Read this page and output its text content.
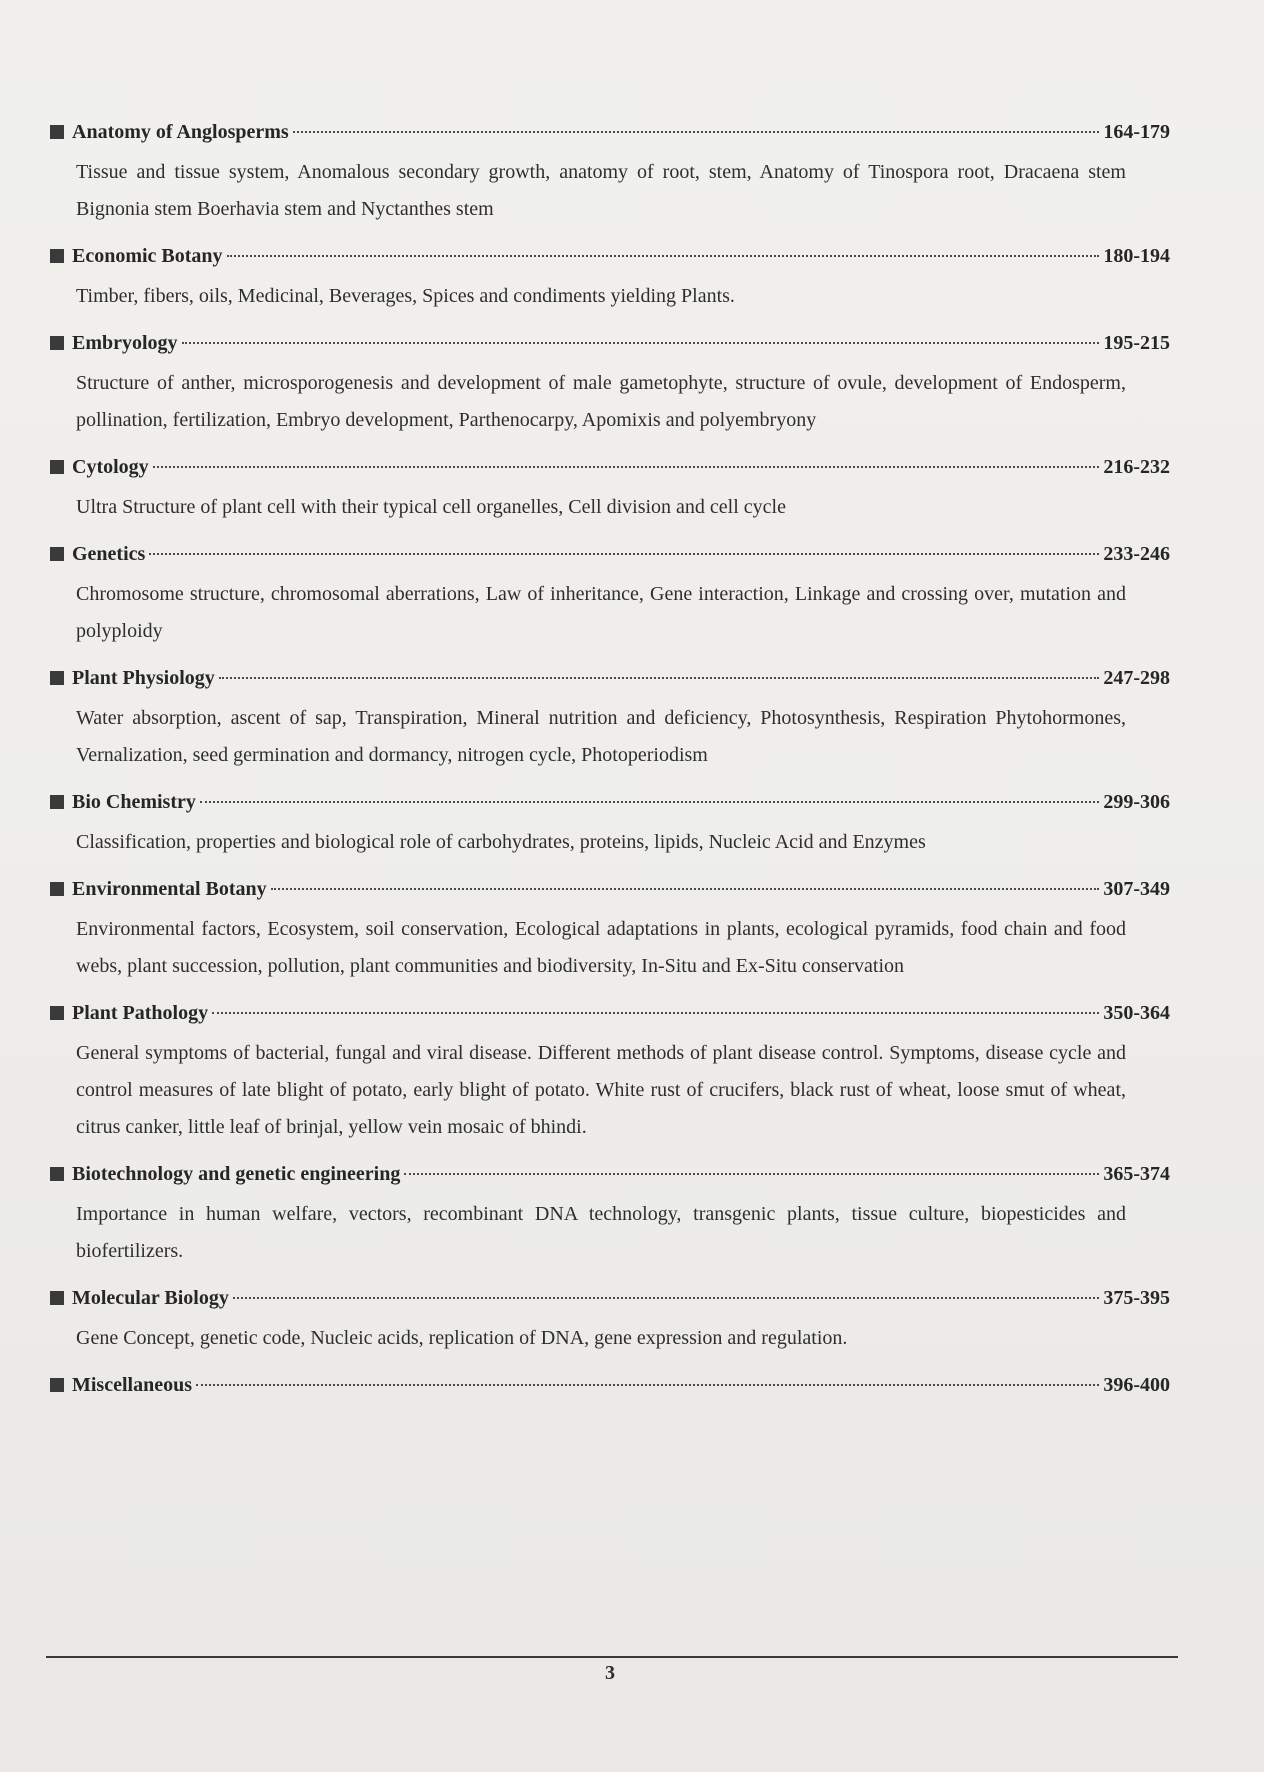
Anatomy of Anglosperms	164-179
Tissue and tissue system, Anomalous secondary growth, anatomy of root, stem, Anatomy of Tinospora root, Dracaena stem Bignonia stem Boerhavia stem and Nyctanthes stem
Economic Botany	180-194
Timber, fibers, oils, Medicinal, Beverages, Spices and condiments yielding Plants.
Embryology	195-215
Structure of anther, microsporogenesis and development of male gametophyte, structure of ovule, development of Endosperm, pollination, fertilization, Embryo development, Parthenocarpy, Apomixis and polyembryony
Cytology	216-232
Ultra Structure of plant cell with their typical cell organelles, Cell division and cell cycle
Genetics	233-246
Chromosome structure, chromosomal aberrations, Law of inheritance, Gene interaction, Linkage and crossing over, mutation and polyploidy
Plant Physiology	247-298
Water absorption, ascent of sap, Transpiration, Mineral nutrition and deficiency, Photosynthesis, Respiration Phytohormones, Vernalization, seed germination and dormancy, nitrogen cycle, Photoperiodism
Bio Chemistry	299-306
Classification, properties and biological role of carbohydrates, proteins, lipids, Nucleic Acid and Enzymes
Environmental Botany	307-349
Environmental factors, Ecosystem, soil conservation, Ecological adaptations in plants, ecological pyramids, food chain and food webs, plant succession, pollution, plant communities and biodiversity, In-Situ and Ex-Situ conservation
Plant Pathology	350-364
General symptoms of bacterial, fungal and viral disease. Different methods of plant disease control. Symptoms, disease cycle and control measures of late blight of potato, early blight of potato. White rust of crucifers, black rust of wheat, loose smut of wheat, citrus canker, little leaf of brinjal, yellow vein mosaic of bhindi.
Biotechnology and genetic engineering	365-374
Importance in human welfare, vectors, recombinant DNA technology, transgenic plants, tissue culture, biopesticides and biofertilizers.
Molecular Biology	375-395
Gene Concept, genetic code, Nucleic acids, replication of DNA, gene expression and regulation.
Miscellaneous	396-400
3
